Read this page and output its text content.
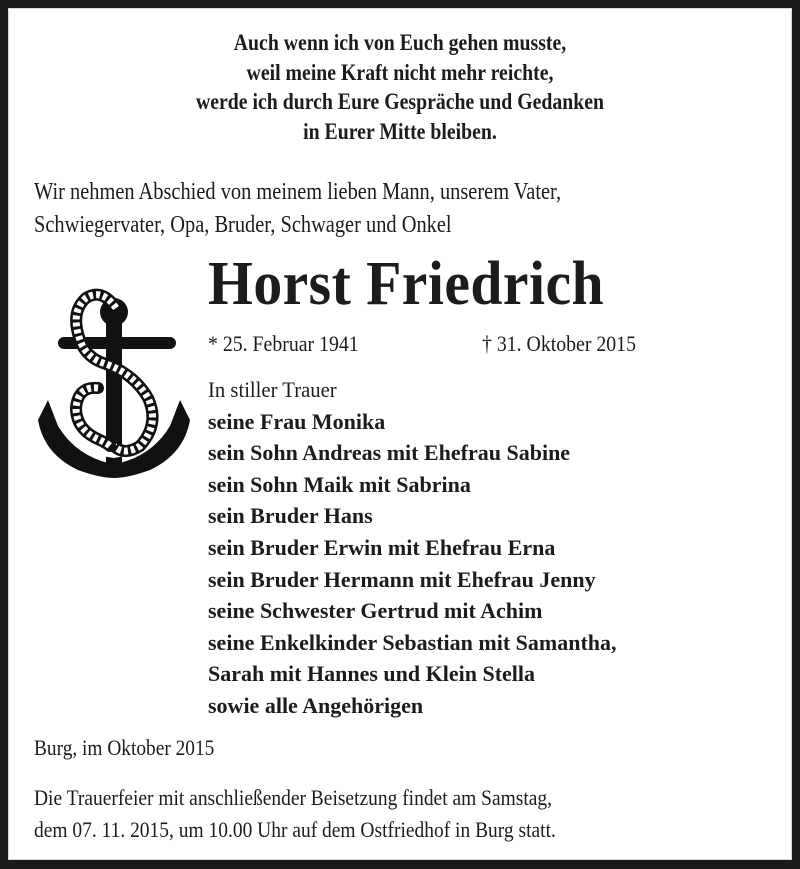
Auch wenn ich von Euch gehen musste,
weil meine Kraft nicht mehr reichte,
werde ich durch Eure Gespräche und Gedanken
in Eurer Mitte bleiben.
Wir nehmen Abschied von meinem lieben Mann, unserem Vater,
Schwiegervater, Opa, Bruder, Schwager und Onkel
Horst Friedrich
* 25. Februar 1941	† 31. Oktober 2015
In stiller Trauer
seine Frau Monika
sein Sohn Andreas mit Ehefrau Sabine
sein Sohn Maik mit Sabrina
sein Bruder Hans
sein Bruder Erwin mit Ehefrau Erna
sein Bruder Hermann mit Ehefrau Jenny
seine Schwester Gertrud mit Achim
seine Enkelkinder Sebastian mit Samantha,
Sarah mit Hannes und Klein Stella
sowie alle Angehörigen
Burg, im Oktober 2015
Die Trauerfeier mit anschließender Beisetzung findet am Samstag,
dem 07. 11. 2015, um 10.00 Uhr auf dem Ostfriedhof in Burg statt.
